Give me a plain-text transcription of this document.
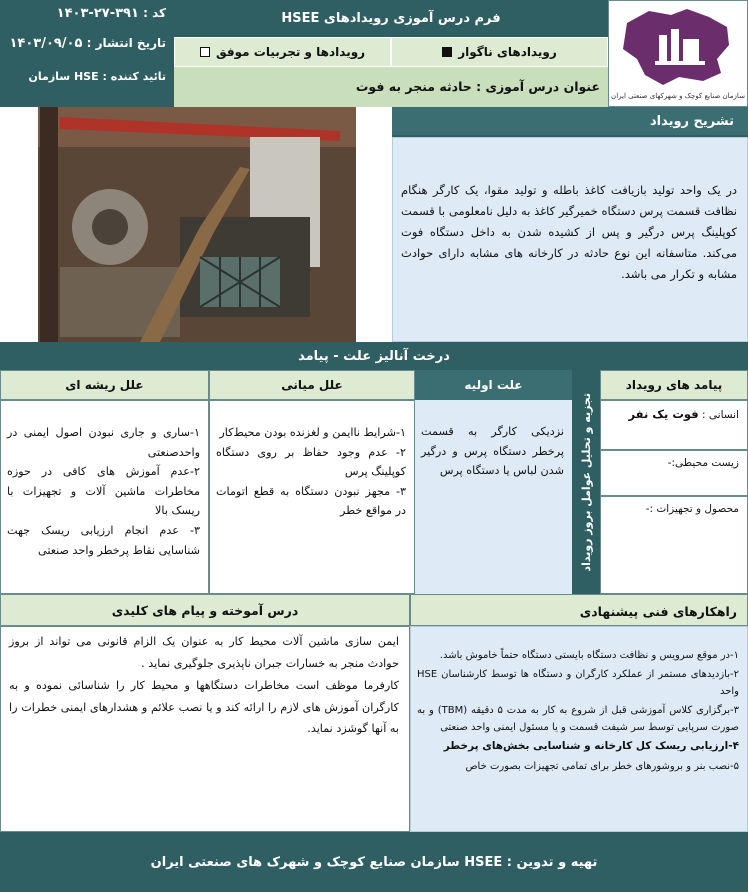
سازمان صنایع کوچک و شهرکهای صنعتی ایران
فرم درس آموزی رویدادهای HSEE
رویدادهای ناگوار
رویدادها و تجربیات موفق
عنوان درس آموزی : حادثه منجر به فوت
کد : ۳۹۱-۲۷-۱۴۰۳
تاریخ انتشار : ۱۴۰۳/۰۹/۰۵
تائید کننده : HSE سازمان
تشریح رویداد
در یک واحد تولید بازیافت کاغذ باطله و تولید مقوا، یک کارگر هنگام نظافت قسمت پرس دستگاه خمیرگیر کاغذ به دلیل نامعلومی با قسمت کوپلینگ پرس درگیر و پس از کشیده شدن به داخل دستگاه فوت می‌کند. متاسفانه این نوع حادثه در کارخانه های مشابه دارای حوادث مشابه و تکرار می باشد.
درخت آنالیز علت - پیامد
پیامد های رویداد
تجزیه و تحلیل عوامل بروز رویداد
علت اولیه
علل میانی
علل ریشه ای
انسانی : فوت یک نفر
زیست محیطی:-
محصول و تجهیزات :-
نزدیکی کارگر به قسمت پرخطر دستگاه پرس و درگیر شدن لباس یا دستگاه پرس
۱-شرایط ناایمن و لغزنده بودن محیط‌کار
۲- عدم وجود حفاظ بر روی دستگاه کوپلینگ پرس
۳- مجهز نبودن دستگاه به قطع اتومات در مواقع خطر
۱-ساری و جاری نبودن اصول ایمنی در واحدصنعتی
۲-عدم آموزش های کافی در حوزه مخاطرات ماشین آلات و تجهیزات با ریسک بالا
۳- عدم انجام ارزیابی ریسک جهت شناسایی نقاط پرخطر واحد صنعتی
راهکارهای فنی پیشنهادی
درس آموخته و پیام های کلیدی
۱-در موقع سرویس و نظافت دستگاه بایستی دستگاه حتماً خاموش باشد.
۲-بازدیدهای مستمر از عملکرد کارگران و دستگاه ها توسط کارشناسان HSE واحد
۳-برگزاری کلاس آموزشی قبل از شروع به کار به مدت ۵ دقیقه (TBM) و به صورت سرپایی توسط سر شیفت قسمت و یا مسئول ایمنی واحد صنعتی
۴-ارزیابی ریسک کل کارخانه و شناسایی بخش‌های پرخطر
۵-نصب بنر و بروشورهای خطر برای تمامی تجهیزات بصورت خاص
ایمن سازی ماشین آلات محیط کار به عنوان یک الزام قانونی می تواند از بروز حوادث منجر به خسارات جبران ناپذیری جلوگیری نماید .
کارفرما موظف است مخاطرات دستگاهها و محیط کار را شناسائی نموده و به کارگران آموزش های لازم را ارائه کند و یا نصب علائم و هشدارهای ایمنی خطرات را به آنها گوشزد نماید.
تهیه و تدوین : HSEE سازمان صنایع کوچک و شهرک های صنعتی ایران
